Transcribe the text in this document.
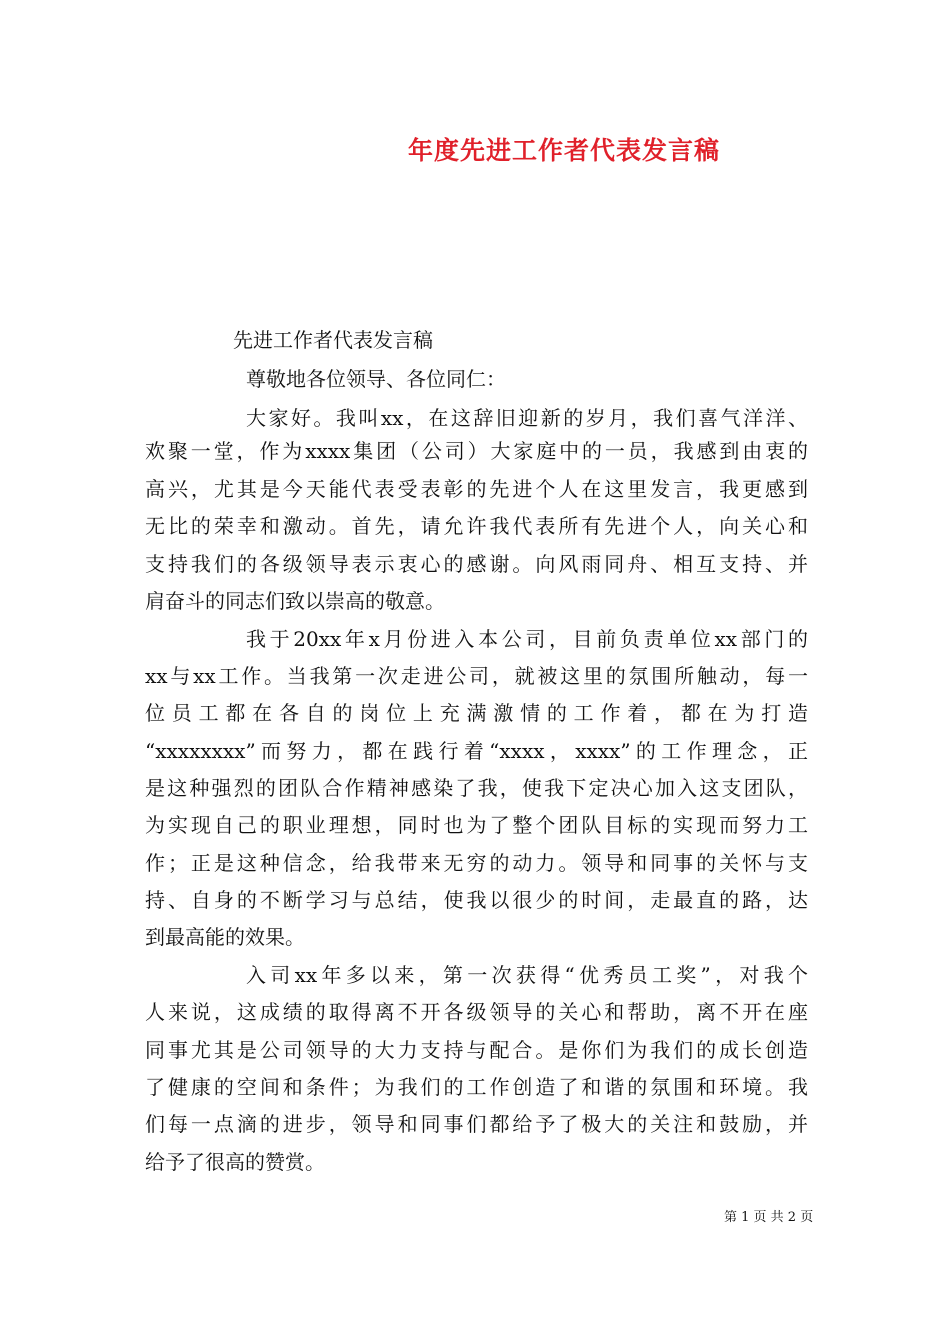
年度先进工作者代表发言稿
先进工作者代表发言稿
尊敬地各位领导、各位同仁：
大家好。我叫xx，在这辞旧迎新的岁月，我们喜气洋洋、
欢聚一堂，作为xxxx集团（公司）大家庭中的一员，我感到由衷的
高兴，尤其是今天能代表受表彰的先进个人在这里发言，我更感到
无比的荣幸和激动。首先，请允许我代表所有先进个人，向关心和
支持我们的各级领导表示衷心的感谢。向风雨同舟、相互支持、并
肩奋斗的同志们致以崇高的敬意。
我于20xx年x月份进入本公司，目前负责单位xx部门的
xx与xx工作。当我第一次走进公司，就被这里的氛围所触动，每一
位员工都在各自的岗位上充满激情的工作着，都在为打造
“xxxxxxxx”而努力，都在践行着“xxxx，xxxx”的工作理念，正
是这种强烈的团队合作精神感染了我，使我下定决心加入这支团队，
为实现自己的职业理想，同时也为了整个团队目标的实现而努力工
作；正是这种信念，给我带来无穷的动力。领导和同事的关怀与支
持、自身的不断学习与总结，使我以很少的时间，走最直的路，达
到最高能的效果。
入司xx年多以来，第一次获得“优秀员工奖”，对我个
人来说，这成绩的取得离不开各级领导的关心和帮助，离不开在座
同事尤其是公司领导的大力支持与配合。是你们为我们的成长创造
了健康的空间和条件；为我们的工作创造了和谐的氛围和环境。我
们每一点滴的进步，领导和同事们都给予了极大的关注和鼓励，并
给予了很高的赞赏。
第 1 页 共 2 页
